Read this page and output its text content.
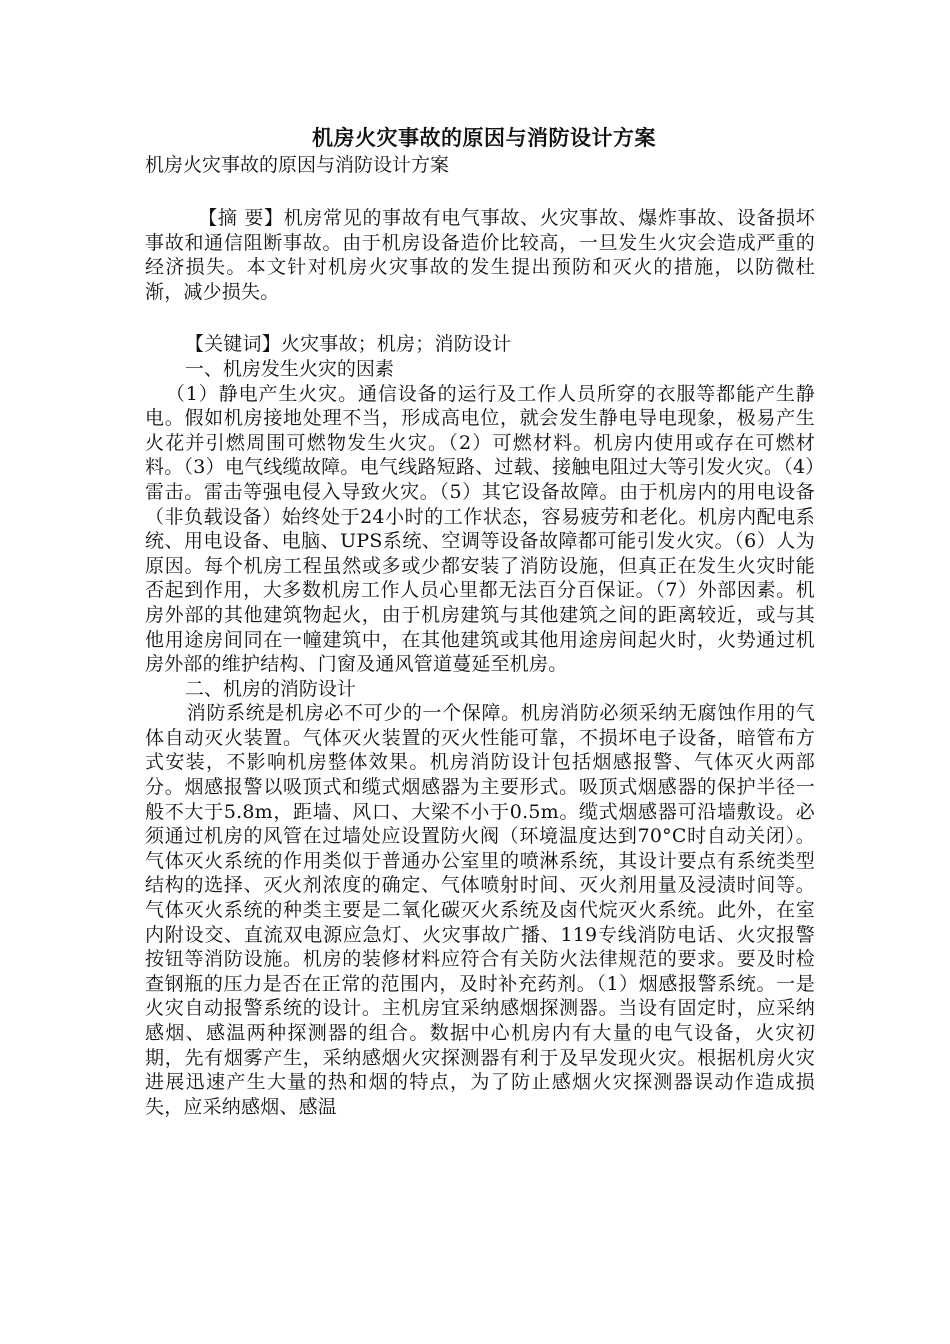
机房火灾事故的原因与消防设计方案

机房火灾事故的原因与消防设计方案

【摘 要】机房常见的事故有电气事故、火灾事故、爆炸事故、设备损坏事故和通信阻断事故。由于机房设备造价比较高，一旦发生火灾会造成严重的经济损失。本文针对机房火灾事故的发生提出预防和灭火的措施，以防微杜渐，减少损失。

【关键词】火灾事故；机房；消防设计

一、机房发生火灾的因素

（1）静电产生火灾。通信设备的运行及工作人员所穿的衣服等都能产生静电。假如机房接地处理不当，形成高电位，就会发生静电导电现象，极易产生火花并引燃周围可燃物发生火灾。（2）可燃材料。机房内使用或存在可燃材料。（3）电气线缆故障。电气线路短路、过载、接触电阻过大等引发火灾。（4）雷击。雷击等强电侵入导致火灾。（5）其它设备故障。由于机房内的用电设备（非负载设备）始终处于24小时的工作状态，容易疲劳和老化。机房内配电系统、用电设备、电脑、UPS系统、空调等设备故障都可能引发火灾。（6）人为原因。每个机房工程虽然或多或少都安装了消防设施，但真正在发生火灾时能否起到作用，大多数机房工作人员心里都无法百分百保证。（7）外部因素。机房外部的其他建筑物起火，由于机房建筑与其他建筑之间的距离较近，或与其他用途房间同在一幢建筑中，在其他建筑或其他用途房间起火时，火势通过机房外部的维护结构、门窗及通风管道蔓延至机房。

二、机房的消防设计

消防系统是机房必不可少的一个保障。机房消防必须采纳无腐蚀作用的气体自动灭火装置。气体灭火装置的灭火性能可靠，不损坏电子设备，暗管布方式安装，不影响机房整体效果。机房消防设计包括烟感报警、气体灭火两部分。烟感报警以吸顶式和缆式烟感器为主要形式。吸顶式烟感器的保护半径一般不大于5.8m，距墙、风口、大梁不小于0.5m。缆式烟感器可沿墙敷设。必须通过机房的风管在过墙处应设置防火阀（环境温度达到70°C时自动关闭）。气体灭火系统的作用类似于普通办公室里的喷淋系统，其设计要点有系统类型结构的选择、灭火剂浓度的确定、气体喷射时间、灭火剂用量及浸渍时间等。气体灭火系统的种类主要是二氧化碳灭火系统及卤代烷灭火系统。此外，在室内附设交、直流双电源应急灯、火灾事故广播、119专线消防电话、火灾报警按钮等消防设施。机房的装修材料应符合有关防火法律规范的要求。要及时检查钢瓶的压力是否在正常的范围内，及时补充药剂。（1）烟感报警系统。一是火灾自动报警系统的设计。主机房宜采纳感烟探测器。当设有固定时，应采纳感烟、感温两种探测器的组合。数据中心机房内有大量的电气设备，火灾初期，先有烟雾产生，采纳感烟火灾探测器有利于及早发现火灾。根据机房火灾进展迅速产生大量的热和烟的特点，为了防止感烟火灾探测器误动作造成损失，应采纳感烟、感温
